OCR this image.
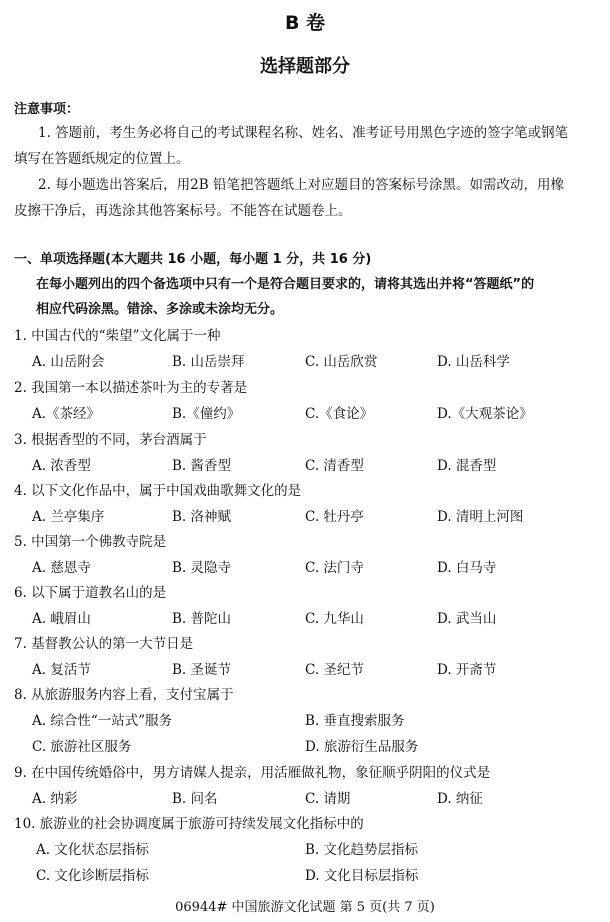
B 卷
选择题部分
注意事项：
1. 答题前，考生务必将自己的考试课程名称、姓名、准考证号用黑色字迹的签字笔或钢笔
填写在答题纸规定的位置上。
2. 每小题选出答案后，用2B 铅笔把答题纸上对应题目的答案标号涂黑。如需改动，用橡
皮擦干净后，再选涂其他答案标号。不能答在试题卷上。
一、单项选择题(本大题共 16 小题，每小题 1 分，共 16 分)
在每小题列出的四个备选项中只有一个是符合题目要求的，请将其选出并将“答题纸”的
相应代码涂黑。错涂、多涂或未涂均无分。
1. 中国古代的“柴望”文化属于一种
A. 山岳附会	B. 山岳崇拜	C. 山岳欣赏	D. 山岳科学
2. 我国第一本以描述茶叶为主的专著是
A.《茶经》	B.《僮约》	C.《食论》	D.《大观茶论》
3. 根据香型的不同，茅台酒属于
A. 浓香型	B. 酱香型	C. 清香型	D. 混香型
4. 以下文化作品中，属于中国戏曲歌舞文化的是
A. 兰亭集序	B. 洛神赋	C. 牡丹亭	D. 清明上河图
5. 中国第一个佛教寺院是
A. 慈恩寺	B. 灵隐寺	C. 法门寺	D. 白马寺
6. 以下属于道教名山的是
A. 峨眉山	B. 普陀山	C. 九华山	D. 武当山
7. 基督教公认的第一大节日是
A. 复活节	B. 圣诞节	C. 圣纪节	D. 开斋节
8. 从旅游服务内容上看，支付宝属于
A. 综合性“一站式”服务	B. 垂直搜索服务
C. 旅游社区服务	D. 旅游衍生品服务
9. 在中国传统婚俗中，男方请媒人提亲，用活雁做礼物，象征顺乎阴阳的仪式是
A. 纳彩	B. 问名	C. 请期	D. 纳征
10. 旅游业的社会协调度属于旅游可持续发展文化指标中的
A. 文化状态层指标	B. 文化趋势层指标
C. 文化诊断层指标	D. 文化目标层指标
06944# 中国旅游文化试题 第 5 页(共 7 页)
